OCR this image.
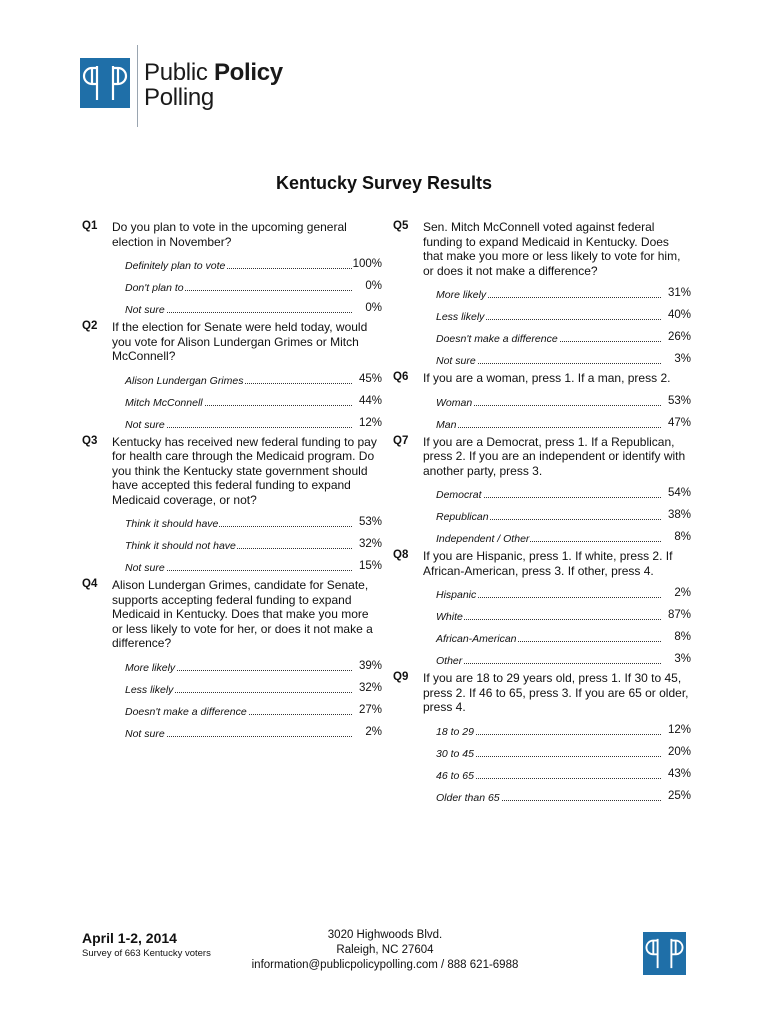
Public Policy
Polling
Kentucky Survey Results
Q1 Do you plan to vote in the upcoming general election in November?
Definitely plan to vote	100%
Don't plan to	0%
Not sure	0%
Q2 If the election for Senate were held today, would you vote for Alison Lundergan Grimes or Mitch McConnell?
Alison Lundergan Grimes	45%
Mitch McConnell	44%
Not sure	12%
Q3 Kentucky has received new federal funding to pay for health care through the Medicaid program. Do you think the Kentucky state government should have accepted this federal funding to expand Medicaid coverage, or not?
Think it should have	53%
Think it should not have	32%
Not sure	15%
Q4 Alison Lundergan Grimes, candidate for Senate, supports accepting federal funding to expand Medicaid in Kentucky. Does that make you more or less likely to vote for her, or does it not make a difference?
More likely	39%
Less likely	32%
Doesn't make a difference	27%
Not sure	2%
Q5 Sen. Mitch McConnell voted against federal funding to expand Medicaid in Kentucky. Does that make you more or less likely to vote for him, or does it not make a difference?
More likely	31%
Less likely	40%
Doesn't make a difference	26%
Not sure	3%
Q6 If you are a woman, press 1. If a man, press 2.
Woman	53%
Man	47%
Q7 If you are a Democrat, press 1. If a Republican, press 2. If you are an independent or identify with another party, press 3.
Democrat	54%
Republican	38%
Independent / Other	8%
Q8 If you are Hispanic, press 1. If white, press 2. If African-American, press 3. If other, press 4.
Hispanic	2%
White	87%
African-American	8%
Other	3%
Q9 If you are 18 to 29 years old, press 1. If 30 to 45, press 2. If 46 to 65, press 3. If you are 65 or older, press 4.
18 to 29	12%
30 to 45	20%
46 to 65	43%
Older than 65	25%
April 1-2, 2014
Survey of 663 Kentucky voters
3020 Highwoods Blvd.
Raleigh, NC 27604
information@publicpolicypolling.com / 888 621-6988
